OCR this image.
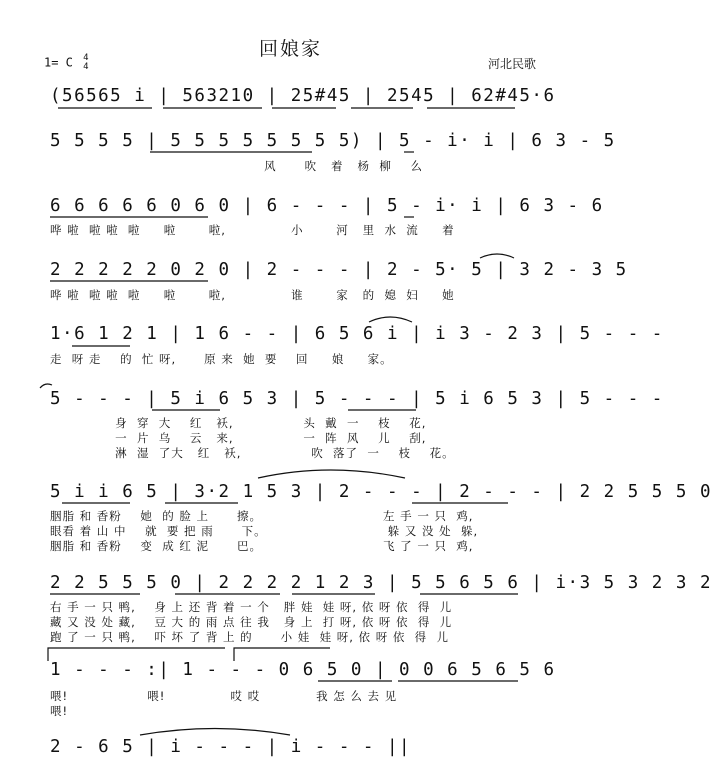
回娘家
1= C 4
4	河北民歌
(56565 i | 563210 | 25#45 | 2545 | 62#45·6
5 5 5 5 | 5 5 5 5 5 5 5 5) | 5 - i· i | 6 3 - 5
风      吹   着   杨  柳    么
6 6 6 6 6 0 6 0 | 6 - - - | 5 - i· i | 6 3 - 6
哗 啦  啦 啦  啦     啦       啦,              小       河   里  水  流     着
2 2 2 2 2 0 2 0 | 2 - - - | 2 - 5· 5 | 3 2 - 3 5
哗 啦  啦 啦  啦     啦       啦,              谁       家   的  媳  妇     她
1·6 1 2 1 | 1 6 - - | 6 5 6 i | i 3 - 2 3 | 5 - - -
走  呀 走    的  忙 呀,      原 来  她  要    回     娘     家。
5 - - - | 5 i 6 5 3 | 5 - - - | 5 i 6 5 3 | 5 - - -
身  穿  大    红   袄,               头  戴  一    枝    花,
一  片  乌    云   来,               一  阵  风    儿    刮,
淋  湿  了大   红   袄,               吹  落了  一    枝    花。
5 i i 6 5 | 3·2 1 5 3 | 2 - - - | 2 - - - | 2 2 5 5 5 0
胭脂 和 香粉    她  的 脸 上      擦。                          左 手 一 只  鸡,
眼看 着 山 中    就  要 把 雨      下。                          躲 又 没 处  躲,
胭脂 和 香粉    变  成 红 泥      巴。                          飞 了 一 只  鸡,
2 2 5 5 5 0 | 2 2 2 2 1 2 3 | 5 5 6 5 6 | i·3 5 3 2 3 2
右 手 一 只 鸭,    身 上 还 背 着 一 个   胖 娃  娃 呀, 依 呀 依  得  儿
藏 又 没 处 藏,    豆 大 的 雨 点 往 我   身 上  打 呀, 依 呀 依  得  儿
跑 了 一 只 鸭,    吓 坏 了 背 上 的      小 娃  娃 呀, 依 呀 依  得  儿
1 - - - :| 1 - - - 0 6 5 0 | 0 0 6 5 6 5 6
喂!                 喂!              哎 哎            我 怎 么 去 见
喂!
2 - 6 5 | i - - - | i - - - ||
